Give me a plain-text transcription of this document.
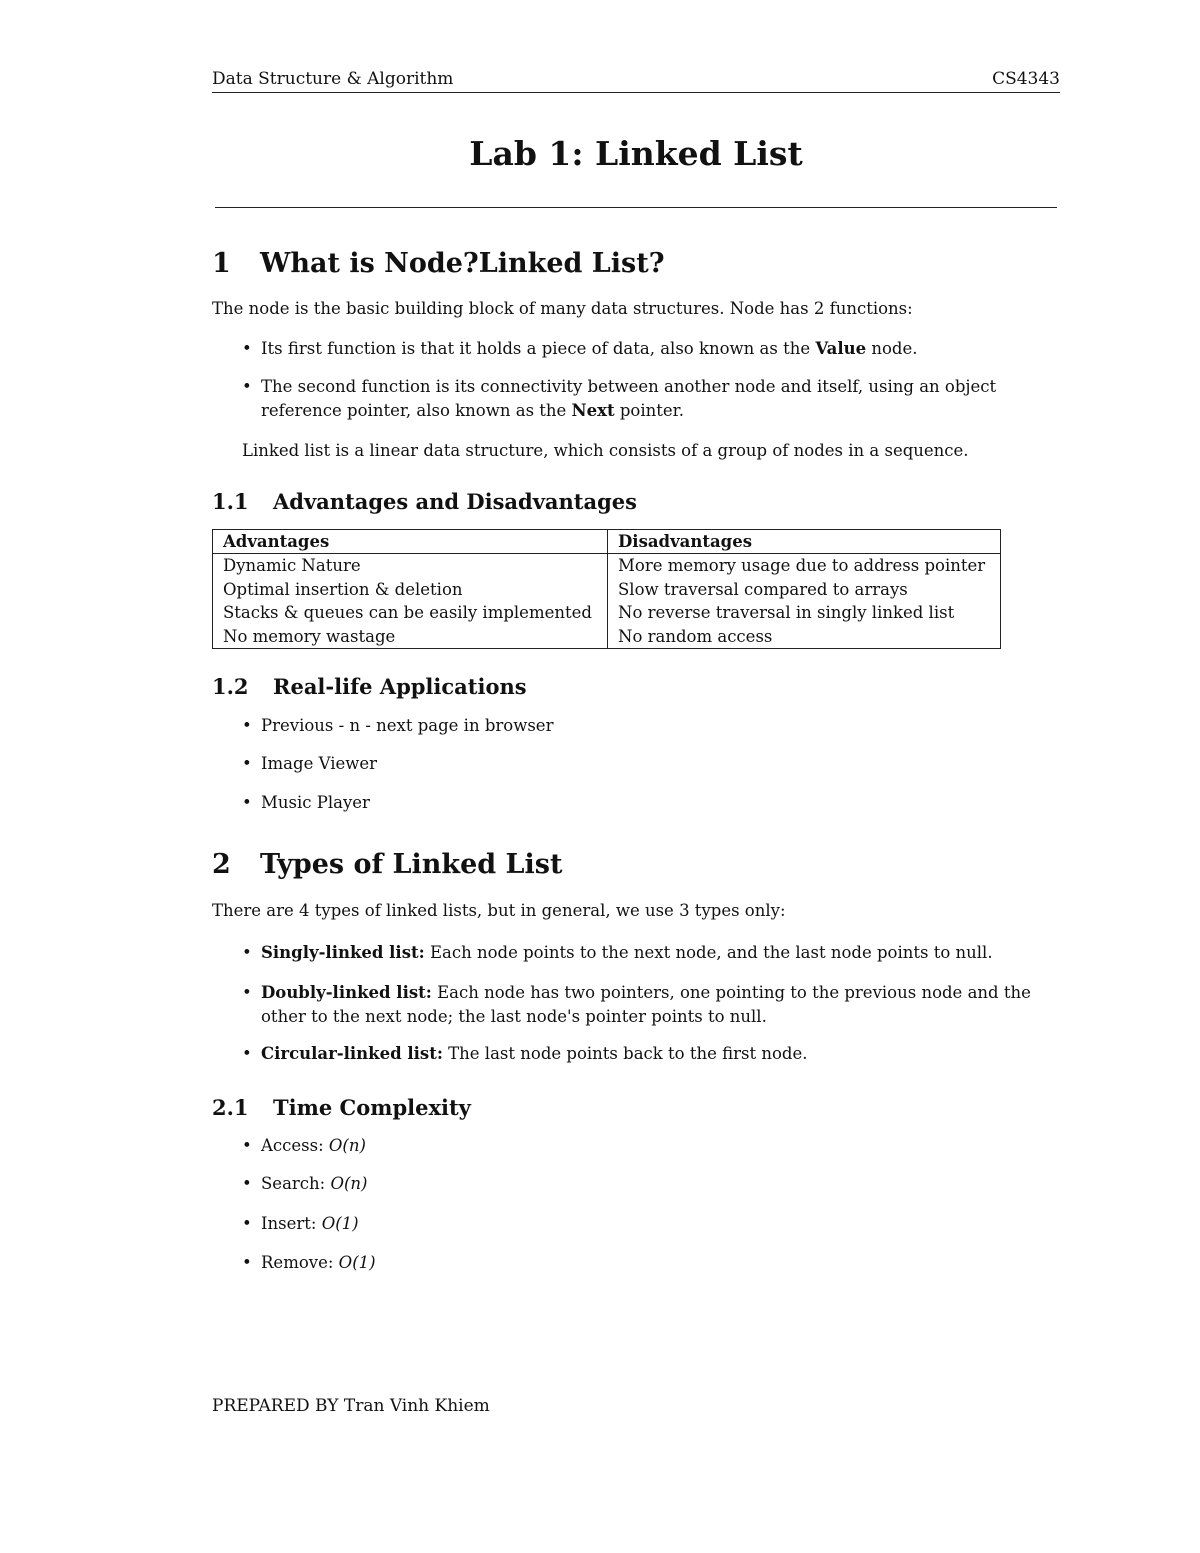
Data Structure & Algorithm	CS4343
Lab 1: Linked List
1 What is Node?Linked List?
The node is the basic building block of many data structures. Node has 2 functions:
• Its first function is that it holds a piece of data, also known as the Value node.
• The second function is its connectivity between another node and itself, using an object reference pointer, also known as the Next pointer.
Linked list is a linear data structure, which consists of a group of nodes in a sequence.
1.1 Advantages and Disadvantages
Advantages	Disadvantages
Dynamic Nature	More memory usage due to address pointer
Optimal insertion & deletion	Slow traversal compared to arrays
Stacks & queues can be easily implemented	No reverse traversal in singly linked list
No memory wastage	No random access
1.2 Real-life Applications
• Previous - n - next page in browser
• Image Viewer
• Music Player
2 Types of Linked List
There are 4 types of linked lists, but in general, we use 3 types only:
• Singly-linked list: Each node points to the next node, and the last node points to null.
• Doubly-linked list: Each node has two pointers, one pointing to the previous node and the other to the next node; the last node's pointer points to null.
• Circular-linked list: The last node points back to the first node.
2.1 Time Complexity
• Access: O(n)
• Search: O(n)
• Insert: O(1)
• Remove: O(1)
PREPARED BY Tran Vinh Khiem
